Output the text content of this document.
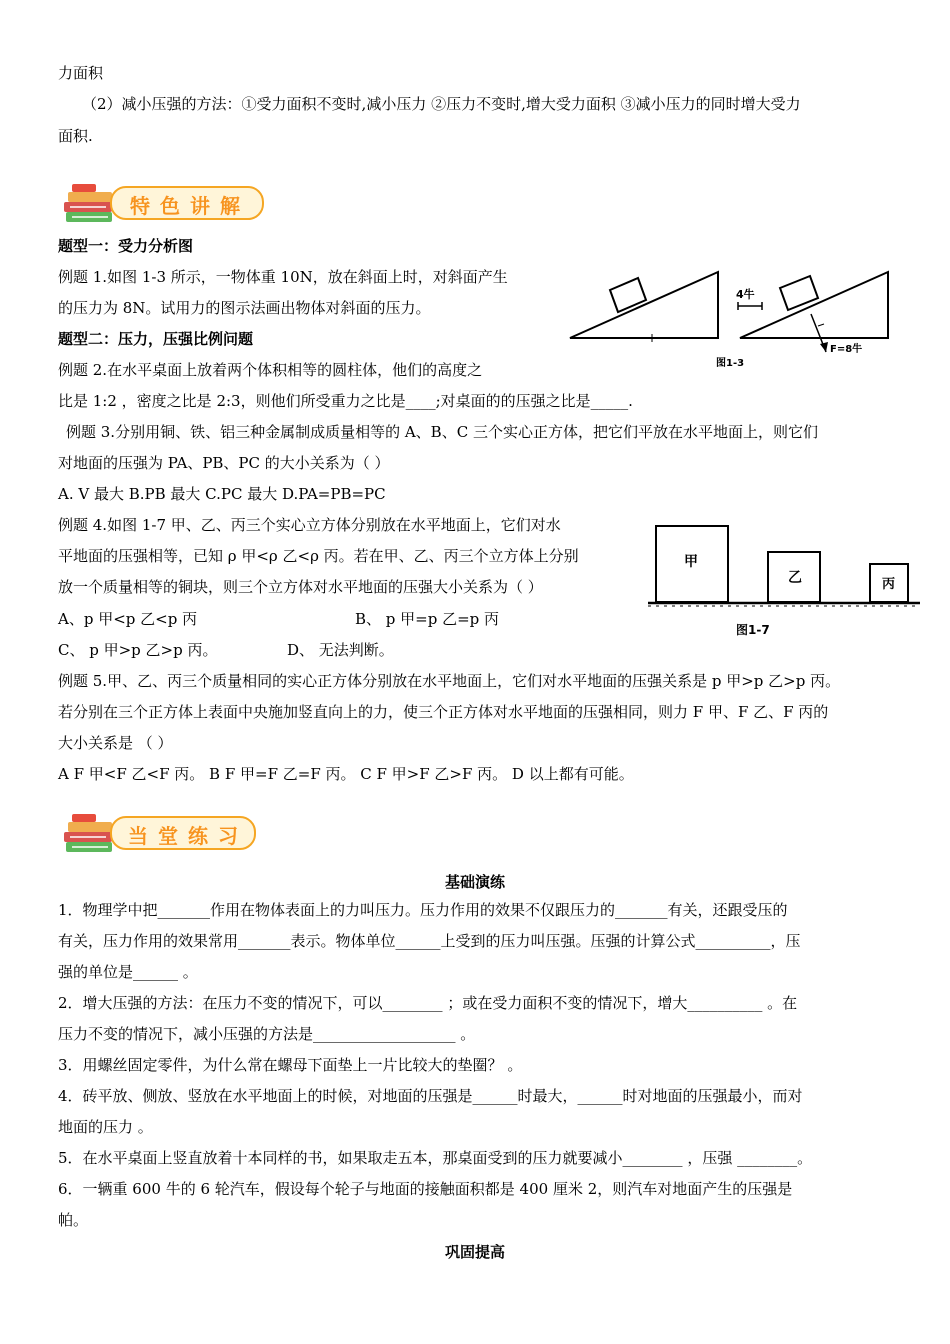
力面积
（2）减小压强的方法：①受力面积不变时,减小压力 ②压力不变时,增大受力面积 ③减小压力的同时增大受力
面积.
特色讲解
题型一：受力分析图
例题 1.如图 1-3 所示，一物体重 10N，放在斜面上时，对斜面产生
的压力为 8N。试用力的图示法画出物体对斜面的压力。
题型二：压力，压强比例问题
例题 2.在水平桌面上放着两个体积相等的圆柱体，他们的高度之
比是 1:2 ，密度之比是 2:3，则他们所受重力之比是____;对桌面的的压强之比是_____.
例题 3.分别用铜、铁、铝三种金属制成质量相等的 A、B、C 三个实心正方体，把它们平放在水平地面上，则它们
对地面的压强为 PA、PB、PC 的大小关系为（ ）
A. V 最大 B.PB 最大 C.PC 最大 D.PA=PB=PC
例题 4.如图 1-7 甲、乙、丙三个实心立方体分别放在水平地面上，它们对水
平地面的压强相等，已知 ρ 甲<ρ 乙<ρ 丙。若在甲、乙、丙三个立方体上分别
放一个质量相等的铜块，则三个立方体对水平地面的压强大小关系为（ ）
A、p 甲<p 乙<p 丙	B、 p 甲=p 乙=p 丙
C、 p 甲>p 乙>p 丙。	D、 无法判断。
例题 5.甲、乙、丙三个质量相同的实心正方体分别放在水平地面上，它们对水平地面的压强关系是 p 甲>p 乙>p 丙。
若分别在三个正方体上表面中央施加竖直向上的力，使三个正方体对水平地面的压强相同，则力 F 甲、F 乙、F 丙的
大小关系是 （ ）
A F 甲<F 乙<F 丙。 B F 甲=F 乙=F 丙。 C F 甲>F 乙>F 丙。 D 以上都有可能。
4牛
F=8牛
图1-3
甲
乙	丙
图1-7
当堂练习
基础演练
1．物理学中把_______作用在物体表面上的力叫压力。压力作用的效果不仅跟压力的_______有关，还跟受压的
有关，压力作用的效果常用_______表示。物体单位______上受到的压力叫压强。压强的计算公式__________，压
强的单位是______ 。
2．增大压强的方法：在压力不变的情况下，可以________ ；或在受力面积不变的情况下，增大__________ 。在
压力不变的情况下，减小压强的方法是___________________ 。
3．用螺丝固定零件，为什么常在螺母下面垫上一片比较大的垫圈？ 。
4．砖平放、侧放、竖放在水平地面上的时候，对地面的压强是______时最大，______时对地面的压强最小，而对
地面的压力 。
5．在水平桌面上竖直放着十本同样的书，如果取走五本，那桌面受到的压力就要减小________ ，压强 ________。
6．一辆重 600 牛的 6 轮汽车，假设每个轮子与地面的接触面积都是 400 厘米 2，则汽车对地面产生的压强是
帕。
巩固提高
